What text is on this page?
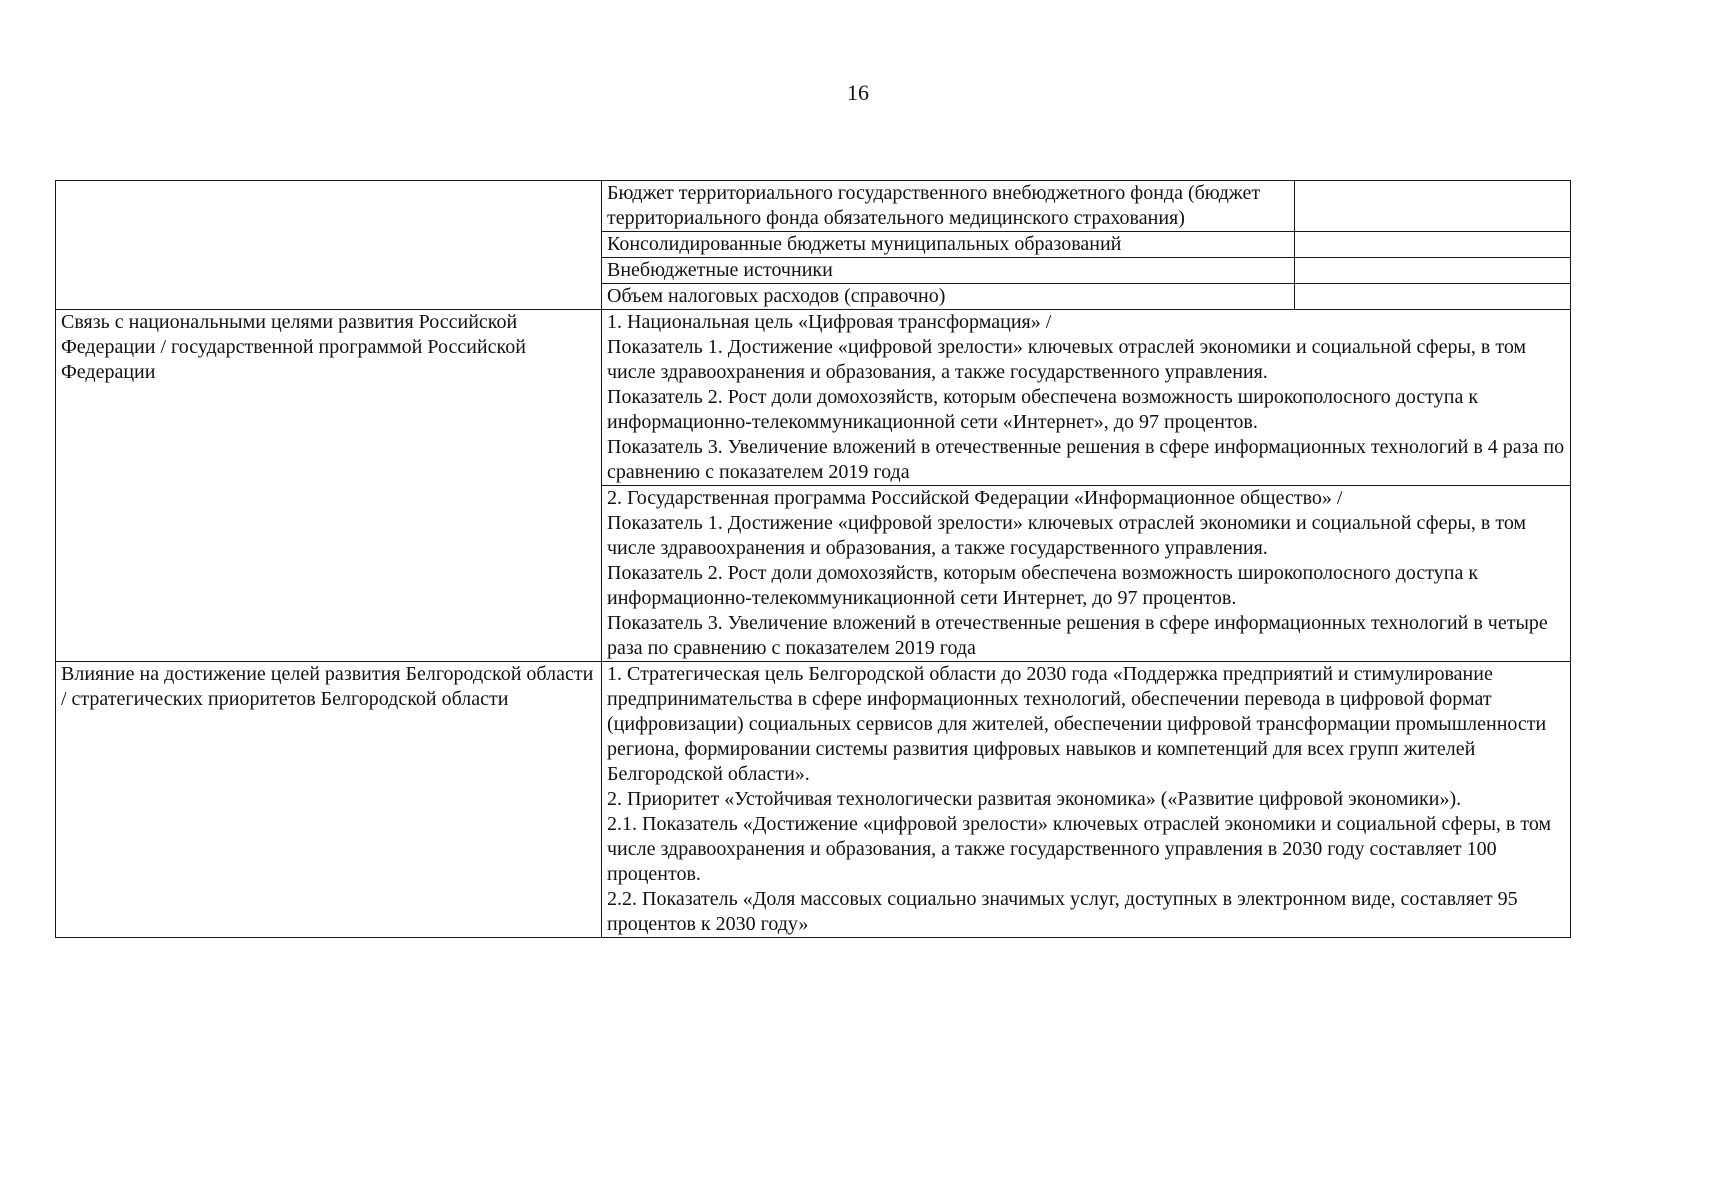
16
	Бюджет территориального государственного внебюджетного фонда (бюджет территориального фонда обязательного медицинского страхования)	
	Консолидированные бюджеты муниципальных образований	
	Внебюджетные источники	
	Объем налоговых расходов (справочно)	
Связь с национальными целями развития Российской Федерации / государственной программой Российской Федерации	1. Национальная цель «Цифровая трансформация» /
Показатель 1. Достижение «цифровой зрелости» ключевых отраслей экономики и социальной сферы, в том числе здравоохранения и образования, а также государственного управления.
Показатель 2. Рост доли домохозяйств, которым обеспечена возможность широкополосного доступа к информационно-телекоммуникационной сети «Интернет», до 97 процентов.
Показатель 3. Увеличение вложений в отечественные решения в сфере информационных технологий в 4 раза по сравнению с показателем 2019 года	

	2. Государственная программа Российской Федерации «Информационное общество» /
Показатель 1. Достижение «цифровой зрелости» ключевых отраслей экономики и социальной сферы, в том числе здравоохранения и образования, а также государственного управления.
Показатель 2. Рост доли домохозяйств, которым обеспечена возможность широкополосного доступа к информационно-телекоммуникационной сети Интернет, до 97 процентов.
Показатель 3. Увеличение вложений в отечественные решения в сфере информационных технологий в четыре раза по сравнению с показателем 2019 года	

Влияние на достижение целей развития Белгородской области / стратегических приоритетов Белгородской области	1. Стратегическая цель Белгородской области до 2030 года «Поддержка предприятий и стимулирование предпринимательства в сфере информационных технологий, обеспечении перевода в цифровой формат (цифровизации) социальных сервисов для жителей, обеспечении цифровой трансформации промышленности региона, формировании системы развития цифровых навыков и компетенций для всех групп жителей Белгородской области».
2. Приоритет «Устойчивая технологически развитая экономика» («Развитие цифровой экономики»).
2.1. Показатель «Достижение «цифровой зрелости» ключевых отраслей экономики и социальной сферы, в том числе здравоохранения и образования, а также государственного управления в 2030 году составляет 100 процентов.
2.2. Показатель «Доля массовых социально значимых услуг, доступных в электронном виде, составляет 95 процентов к 2030 году»	
